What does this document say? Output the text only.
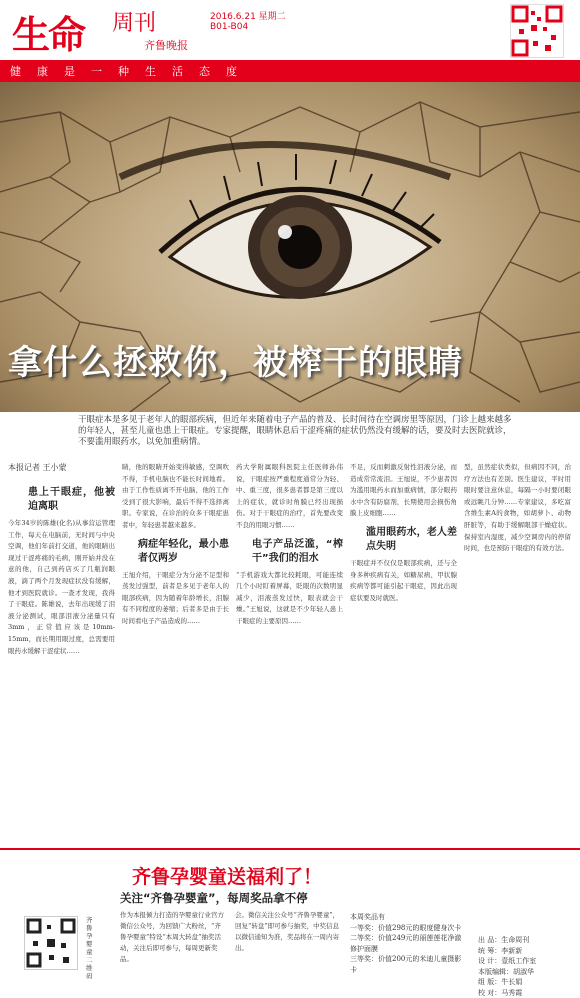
生命 周刊
齐鲁晚报
2016.6.21 星期二
B01-B04
健康是一种生活态度
拿什么拯救你，被榨干的眼睛
干眼症本是多见于老年人的眼部疾病，但近年来随着电子产品的普及、长时间待在空调房里等原因，门诊上越来越多的年轻人，甚至儿童也患上干眼症。专家提醒，眼睛休息后干涩疼痛的症状仍然没有缓解的话，要及时去医院就诊，不要滥用眼药水，以免加重病情。
本报记者 王小蒙
患上干眼症，他被迫离职
今年34岁的陈雄(化名)从事营运管理工作，每天在电脑前，无时间与中央空调，他们年前打交道，他的眼睛出现过干涩疼痛的毛病，刚开始并没在意的他，自己到药店买了几瓶润眼液，滴了两个月发现症状没有缓解，他才到医院就诊。一查才发现，我得了干眼症。陈雄说，去年出现缓了泪液分泌测试，眼部泪液分泌量只有3mm，正常值应该是10mm-15mm，而长期用眼过度，总需要用眼药水缓解干涩症状……
睛，他的眼睛开始变得敏感，空调吹不得，手机电脑也不能长时间地看。由于工作性质离不开电脑，他的工作受到了很大影响，最后不得不选择离职。专家说，在诊治的众多干眼症患者中，年轻患者越来越多。
病症年轻化，最小患者仅两岁
王旭介绍，干眼症分为分泌不足型和蒸发过强型，前者是多见于老年人的眼部疾病，因为随着年龄增长，泪腺有不同程度的萎缩；后者多是由于长时间看电子产品造成的……
药大学附属眼科医院主任医师孙伟说，干眼症按严重程度通常分为轻、中、重三度，很多患者都是第三度以上的症状，就诊时角膜已经出现损伤。对于干眼症的治疗，首先要改变不良的用眼习惯……
电子产品泛滥，“榨干”我们的泪水
“手机游戏大都比较耗眼，可能连续几个小时盯着屏幕，眨眼的次数明显减少，泪液蒸发过快，眼表就会干燥。”王旭说，这就是不少年轻人患上干眼症的主要原因……
不足，反而刺激反射性泪液分泌，而造成常常流泪。王旭说，不少患者因为滥用眼药水而加重病情，部分眼药水中含有防腐剂，长期使用会损伤角膜上皮细胞……
滥用眼药水，老人差点失明
干眼症并不仅仅是眼部疾病，还与全身多种疾病有关，如糖尿病、甲状腺疾病等都可能引起干眼症，因此出现症状要及时就医。
型，虽然症状类似，但病因不同，治疗方法也有差别。医生建议，平时用眼时要注意休息，每隔一小时要闭眼或远眺几分钟……专家建议，多吃富含维生素A的食物，如胡萝卜、动物肝脏等，有助于缓解眼部干燥症状。保持室内湿度，减少空调房内的停留时间，也是预防干眼症的有效方法。
齐鲁孕婴童送福利了！
关注“齐鲁孕婴童”，每周奖品拿不停
齐鲁孕婴童二维码
作为本报倾力打造的孕婴童行业官方微信公众号，为回馈广大粉丝，“齐鲁孕婴童”特设“本周大转盘”抽奖活动，关注后即可参与，每周更新奖品。
会。微信关注公众号“齐鲁孕婴童”，回复“转盘”即可参与抽奖，中奖信息以微信通知为准，奖品将在一周内寄出。
本周奖品有
一等奖：价值298元的眼度健身次卡
二等奖：价值249元的丽莲莲花净澈修护面膜
三等奖：价值200元的米迪儿童摄影卡
出 品：生命周刊
统 筹：李新新
设 计：壹纸工作室
本版编辑：胡淑华
组 版：牛长娟
校 对：马秀霞
